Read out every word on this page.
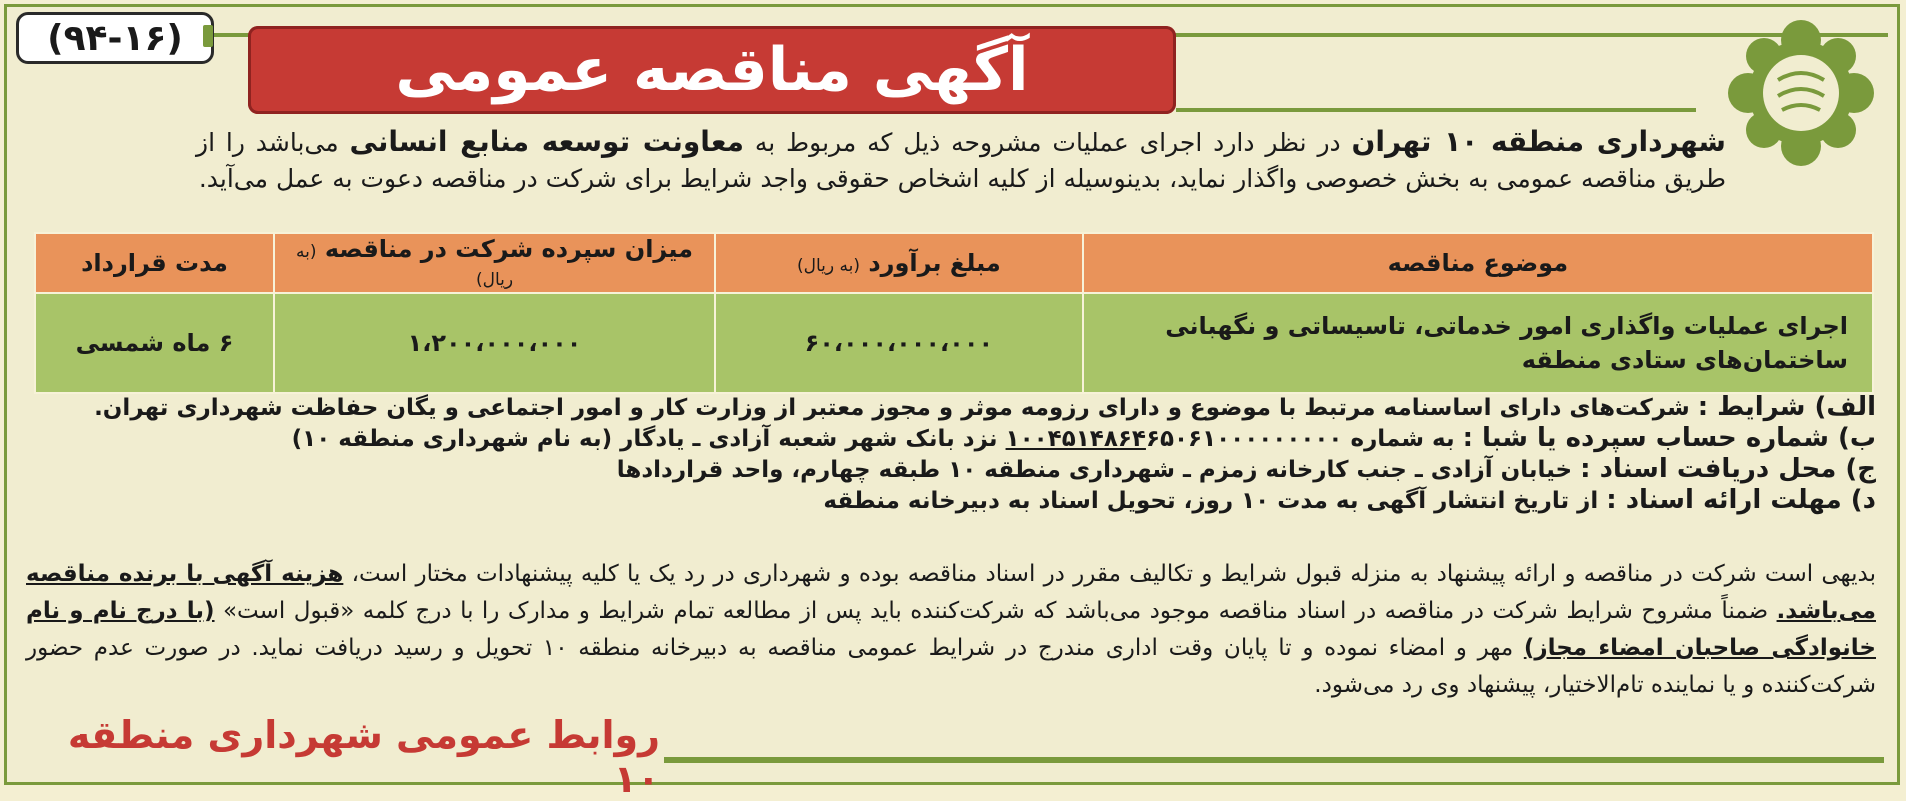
(۹۴-۱۶)	آگهی مناقصه عمومی
شهرداری منطقه ۱۰ تهران در نظر دارد اجرای عملیات مشروحه ذیل که مربوط به معاونت توسعه منابع انسانی می‌باشد را از طریق مناقصه عمومی به بخش خصوصی واگذار نماید، بدینوسیله از کلیه اشخاص حقوقی واجد شرایط برای شرکت در مناقصه دعوت به عمل می‌آید.
موضوع مناقصه	مبلغ برآورد (به ریال)	میزان سپرده شرکت در مناقصه (به ریال)	مدت قرارداد
اجرای عملیات واگذاری امور خدماتی، تاسیساتی و نگهبانی ساختمان‌های ستادی منطقه	۶۰،۰۰۰،۰۰۰،۰۰۰	۱،۲۰۰،۰۰۰،۰۰۰	۶ ماه شمسی
الف) شرایط : شرکت‌های دارای اساسنامه مرتبط با موضوع و دارای رزومه موثر و مجوز معتبر از وزارت کار و امور اجتماعی و یگان حفاظت شهرداری تهران.
ب) شماره حساب سپرده یا شبا : به شماره ۱۰۰۴۵۱۴۸۶۴۶۵۰۶۱۰۰۰۰۰۰۰۰۰ نزد بانک شهر شعبه آزادی ـ یادگار (به نام شهرداری منطقه ۱۰)
ج) محل دریافت اسناد : خیابان آزادی ـ جنب کارخانه زمزم ـ شهرداری منطقه ۱۰ طبقه چهارم، واحد قراردادها
د) مهلت ارائه اسناد : از تاریخ انتشار آگهی به مدت ۱۰ روز، تحویل اسناد به دبیرخانه منطقه
بدیهی است شرکت در مناقصه و ارائه پیشنهاد به منزله قبول شرایط و تکالیف مقرر در اسناد مناقصه بوده و شهرداری در رد یک یا کلیه پیشنهادات مختار است، هزینه آگهی با برنده مناقصه می‌باشد. ضمناً مشروح شرایط شرکت در مناقصه در اسناد مناقصه موجود می‌باشد که شرکت‌کننده باید پس از مطالعه تمام شرایط و مدارک را با درج کلمه «قبول است» (با درج نام و نام خانوادگی صاحبان امضاء مجاز) مهر و امضاء نموده و تا پایان وقت اداری مندرج در شرایط عمومی مناقصه به دبیرخانه منطقه ۱۰ تحویل و رسید دریافت نماید. در صورت عدم حضور شرکت‌کننده و یا نماینده تام‌الاختیار، پیشنهاد وی رد می‌شود.
روابط عمومی شهرداری منطقه ۱۰
